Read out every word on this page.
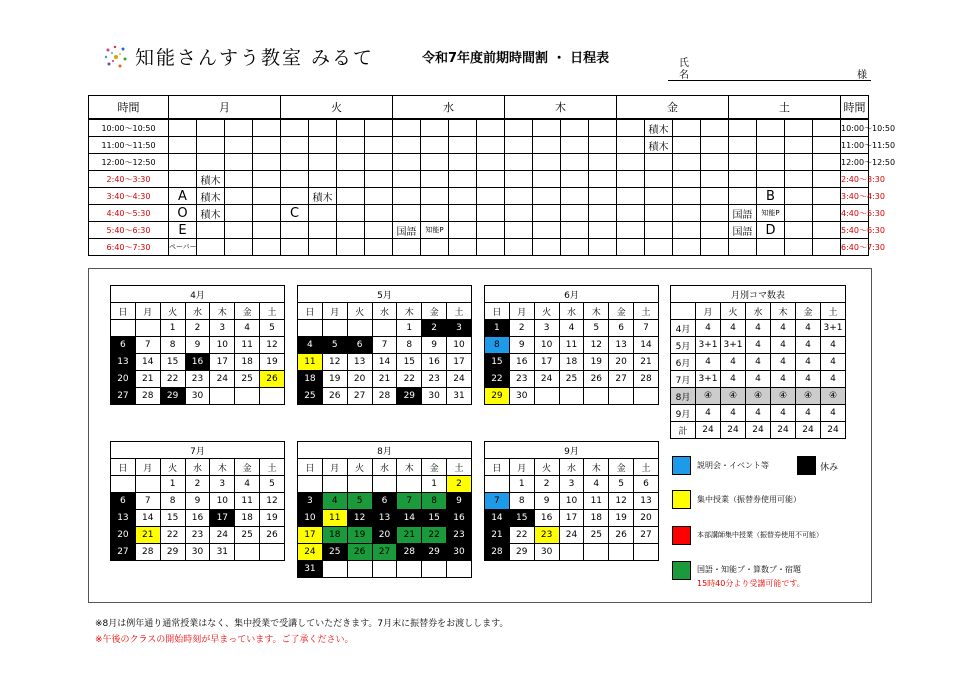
知能さんすう教室 みるて	令和7年度前期時間割 ・ 日程表	氏
名	様
時間	月				火				水				木				金				土				時間
10:00～10:50																		積木							10:00～10:50
11:00～11:50																		積木							11:00～11:50
12:00～12:50																									12:00～12:50
2:40～3:30		積木																							2:40～3:30
3:40～4:30	A	積木				積木																B			3:40～4:30
4:40～5:30	O	積木			C																国語	知能P			4:40～5:30
5:40～6:30	E								国語	知能P											国語	D			5:40～6:30
6:40～7:30	ペーパー																								6:40～7:30
4月						
日	月	火	水	木	金	土
		1	2	3	4	5
6	7	8	9	10	11	12
13	14	15	16	17	18	19
20	21	22	23	24	25	26
27	28	29	30			
5月						
日	月	火	水	木	金	土
				1	2	3
4	5	6	7	8	9	10
11	12	13	14	15	16	17
18	19	20	21	22	23	24
25	26	27	28	29	30	31
6月						
日	月	火	水	木	金	土
1	2	3	4	5	6	7
8	9	10	11	12	13	14
15	16	17	18	19	20	21
22	23	24	25	26	27	28
29	30					
7月						
日	月	火	水	木	金	土
		1	2	3	4	5
6	7	8	9	10	11	12
13	14	15	16	17	18	19
20	21	22	23	24	25	26
27	28	29	30	31		
8月						
日	月	火	水	木	金	土
					1	2
3	4	5	6	7	8	9
10	11	12	13	14	15	16
17	18	19	20	21	22	23
24	25	26	27	28	29	30
31						
9月						
日	月	火	水	木	金	土
	1	2	3	4	5	6
7	8	9	10	11	12	13
14	15	16	17	18	19	20
21	22	23	24	25	26	27
28	29	30				
月別コマ数表						
	月	火	水	木	金	土
4月	4	4	4	4	4	3+1
5月	3+1	3+1	4	4	4	4
6月	4	4	4	4	4	4
7月	3+1	4	4	4	4	4
8月	④	④	④	④	④	④
9月	4	4	4	4	4	4
計	24	24	24	24	24	24
説明会・イベント等	休み
集中授業（振替券使用可能）
本部講師集中授業（振替券使用不可能）
国語・知能プ・算数プ・宿題
15時40分より受講可能です。
※8月は例年通り通常授業はなく、集中授業で受講していただきます。7月末に振替券をお渡しします。
※午後のクラスの開始時刻が早まっています。ご了承ください。
